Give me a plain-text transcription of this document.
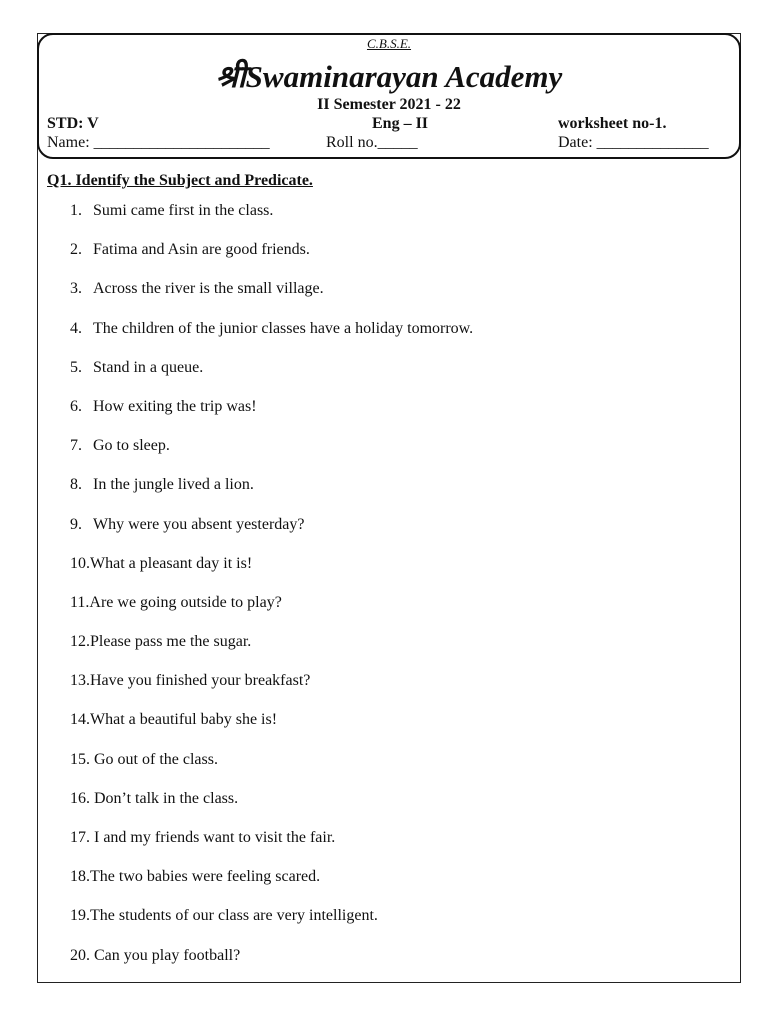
C.B.S.E.
श्रीSwaminarayan Academy
II Semester 2021 - 22
STD: V	Eng – II	worksheet no-1.
Name: ______________________	Roll no._____	Date: ______________
Q1. Identify the Subject and Predicate.
1. Sumi came first in the class.
2. Fatima and Asin are good friends.
3. Across the river is the small village.
4. The children of the junior classes have a holiday tomorrow.
5. Stand in a queue.
6. How exiting the trip was!
7. Go to sleep.
8. In the jungle lived a lion.
9. Why were you absent yesterday?
10.What a pleasant day it is!
11.Are we going outside to play?
12.Please pass me the sugar.
13.Have you finished your breakfast?
14.What a beautiful baby she is!
15. Go out of the class.
16. Don’t talk in the class.
17. I and my friends want to visit the fair.
18.The two babies were feeling scared.
19.The students of our class are very intelligent.
20. Can you play football?
